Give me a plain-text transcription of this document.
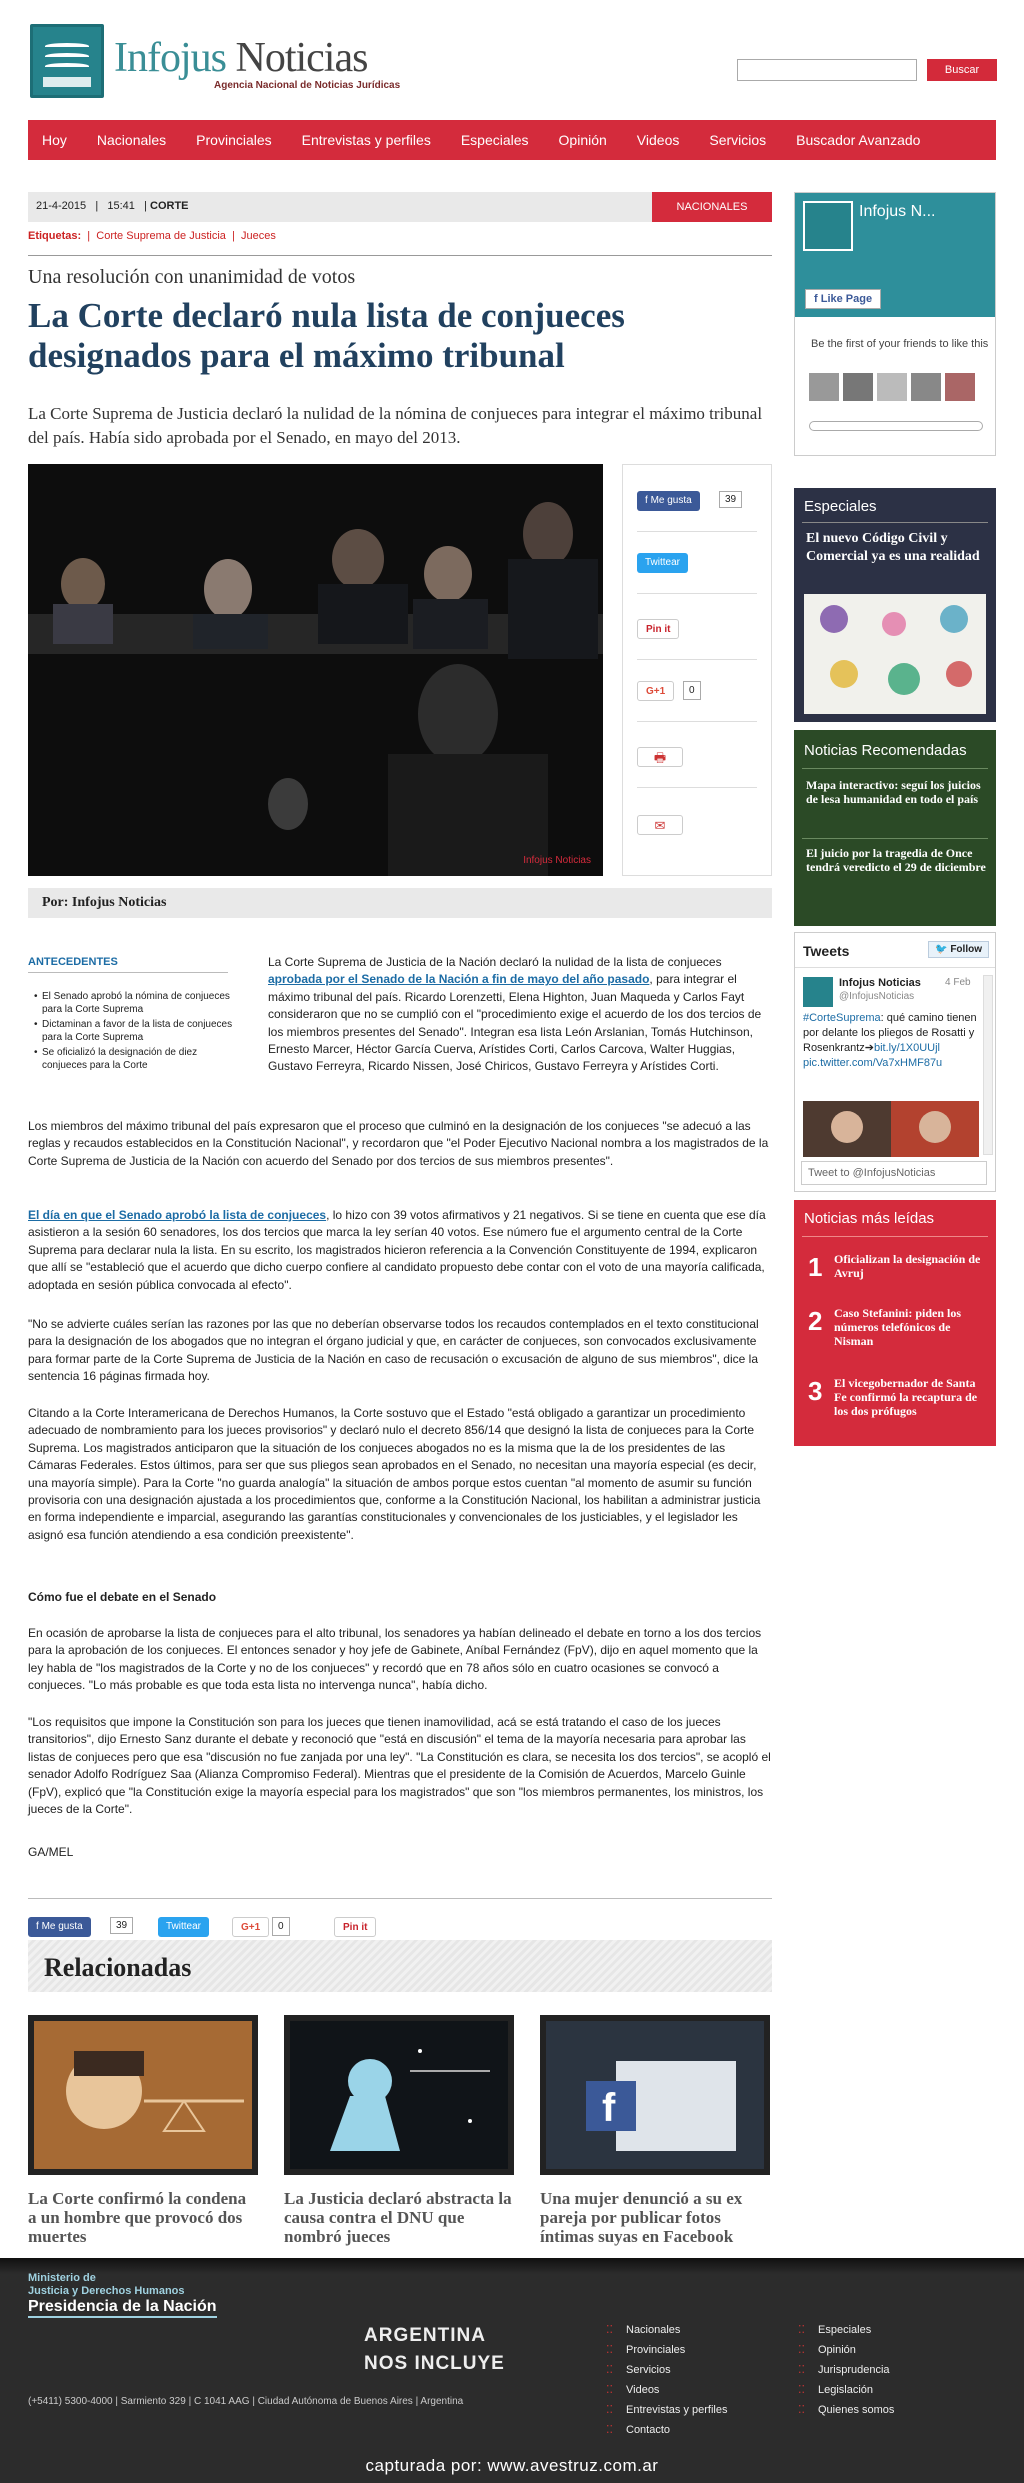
Infojus Noticias
Agencia Nacional de Noticias Jurídicas
Buscar
Hoy Nacionales Provinciales Entrevistas y perfiles Especiales Opinión Videos Servicios Buscador Avanzado
21-4-2015 | 15:41 | CORTE	NACIONALES
Etiquetas:  |  Corte Suprema de Justicia  |  Jueces
Una resolución con unanimidad de votos
La Corte declaró nula lista de conjueces designados para el máximo tribunal
La Corte Suprema de Justicia declaró la nulidad de la nómina de conjueces para integrar el máximo tribunal del país. Había sido aprobada por el Senado, en mayo del 2013.
Infojus Noticias
f Me gusta	39
Twittear
Pin it
G+1	0
🖶
✉
Por: Infojus Noticias
ANTECEDENTES
• El Senado aprobó la nómina de conjueces para la Corte Suprema
• Dictaminan a favor de la lista de conjueces para la Corte Suprema
• Se oficializó la designación de diez conjueces para la Corte
La Corte Suprema de Justicia de la Nación declaró la nulidad de la lista de conjueces aprobada por el Senado de la Nación a fin de mayo del año pasado, para integrar el máximo tribunal del país. Ricardo Lorenzetti, Elena Highton, Juan Maqueda y Carlos Fayt consideraron que no se cumplió con el "procedimiento exige el acuerdo de los dos tercios de los miembros presentes del Senado". Integran esa lista León Arslanian, Tomás Hutchinson, Ernesto Marcer, Héctor García Cuerva, Arístides Corti, Carlos Carcova, Walter Huggias, Gustavo Ferreyra, Ricardo Nissen, José Chiricos, Gustavo Ferreyra y Arístides Corti.
Los miembros del máximo tribunal del país expresaron que el proceso que culminó en la designación de los conjueces "se adecuó a las reglas y recaudos establecidos en la Constitución Nacional", y recordaron que "el Poder Ejecutivo Nacional nombra a los magistrados de la Corte Suprema de Justicia de la Nación con acuerdo del Senado por dos tercios de sus miembros presentes".
El día en que el Senado aprobó la lista de conjueces, lo hizo con 39 votos afirmativos y 21 negativos. Si se tiene en cuenta que ese día asistieron a la sesión 60 senadores, los dos tercios que marca la ley serían 40 votos. Ese número fue el argumento central de la Corte Suprema para declarar nula la lista. En su escrito, los magistrados hicieron referencia a la Convención Constituyente de 1994, explicaron que allí se "estableció que el acuerdo que dicho cuerpo confiere al candidato propuesto debe contar con el voto de una mayoría calificada, adoptada en sesión pública convocada al efecto".
"No se advierte cuáles serían las razones por las que no deberían observarse todos los recaudos contemplados en el texto constitucional para la designación de los abogados que no integran el órgano judicial y que, en carácter de conjueces, son convocados exclusivamente para formar parte de la Corte Suprema de Justicia de la Nación en caso de recusación o excusación de alguno de sus miembros", dice la sentencia 16 páginas firmada hoy.
Citando a la Corte Interamericana de Derechos Humanos, la Corte sostuvo que el Estado "está obligado a garantizar un procedimiento adecuado de nombramiento para los jueces provisorios" y declaró nulo el decreto 856/14 que designó la lista de conjueces para la Corte Suprema. Los magistrados anticiparon que la situación de los conjueces abogados no es la misma que la de los presidentes de las Cámaras Federales. Estos últimos, para ser que sus pliegos sean aprobados en el Senado, no necesitan una mayoría especial (es decir, una mayoría simple). Para la Corte "no guarda analogía" la situación de ambos porque estos cuentan "al momento de asumir su función provisoria con una designación ajustada a los procedimientos que, conforme a la Constitución Nacional, los habilitan a administrar justicia en forma independiente e imparcial, asegurando las garantías constitucionales y convencionales de los justiciables, y el legislador les asignó esa función atendiendo a esa condición preexistente".
Cómo fue el debate en el Senado
En ocasión de aprobarse la lista de conjueces para el alto tribunal, los senadores ya habían delineado el debate en torno a los dos tercios para la aprobación de los conjueces. El entonces senador y hoy jefe de Gabinete, Aníbal Fernández (FpV), dijo en aquel momento que la ley habla de "los magistrados de la Corte y no de los conjueces" y recordó que en 78 años sólo en cuatro ocasiones se convocó a conjueces. "Lo más probable es que toda esta lista no intervenga nunca", había dicho.
"Los requisitos que impone la Constitución son para los jueces que tienen inamovilidad, acá se está tratando el caso de los jueces transitorios", dijo Ernesto Sanz durante el debate y reconoció que "está en discusión" el tema de la mayoría necesaria para aprobar las listas de conjueces pero que esa "discusión no fue zanjada por una ley". "La Constitución es clara, se necesita los dos tercios", se acopló el senador Adolfo Rodríguez Saa (Alianza Compromiso Federal). Mientras que el presidente de la Comisión de Acuerdos, Marcelo Guinle (FpV), explicó que "la Constitución exige la mayoría especial para los magistrados" que son "los miembros permanentes, los ministros, los jueces de la Corte".
GA/MEL
f Me gusta	39	Twittear	G+1	0	Pin it
Relacionadas
La Corte confirmó la condena a un hombre que provocó dos muertes
La Justicia declaró abstracta la causa contra el DNU que nombró jueces
f
Una mujer denunció a su ex pareja por publicar fotos íntimas suyas en Facebook
Infojus N...
f Like Page
Be the first of your friends to like this
Especiales
El nuevo Código Civil y Comercial ya es una realidad
Noticias Recomendadas
Mapa interactivo: seguí los juicios de lesa humanidad en todo el país
El juicio por la tragedia de Once tendrá veredicto el 29 de diciembre
Tweets	🐦 Follow
Infojus Noticias
@InfojusNoticias
4 Feb
#CorteSuprema: qué camino tienen por delante los pliegos de Rosatti y Rosenkrantz➔bit.ly/1X0UUjl pic.twitter.com/Va7xHMF87u
Tweet to @InfojusNoticias
Noticias más leídas
1 Oficializan la designación de Avruj
2 Caso Stefanini: piden los números telefónicos de Nisman
3 El vicegobernador de Santa Fe confirmó la recaptura de los dos prófugos
Ministerio de
Justicia y Derechos Humanos
Presidencia de la Nación
ARGENTINA
NOS INCLUYE
(+5411) 5300-4000 | Sarmiento 329 | C 1041 AAG | Ciudad Autónoma de Buenos Aires | Argentina
⁚⁚ Nacionales
⁚⁚ Provinciales
⁚⁚ Servicios
⁚⁚ Videos
⁚⁚ Entrevistas y perfiles
⁚⁚ Contacto
⁚⁚ Especiales
⁚⁚ Opinión
⁚⁚ Jurisprudencia
⁚⁚ Legislación
⁚⁚ Quienes somos
capturada por: www.avestruz.com.ar
